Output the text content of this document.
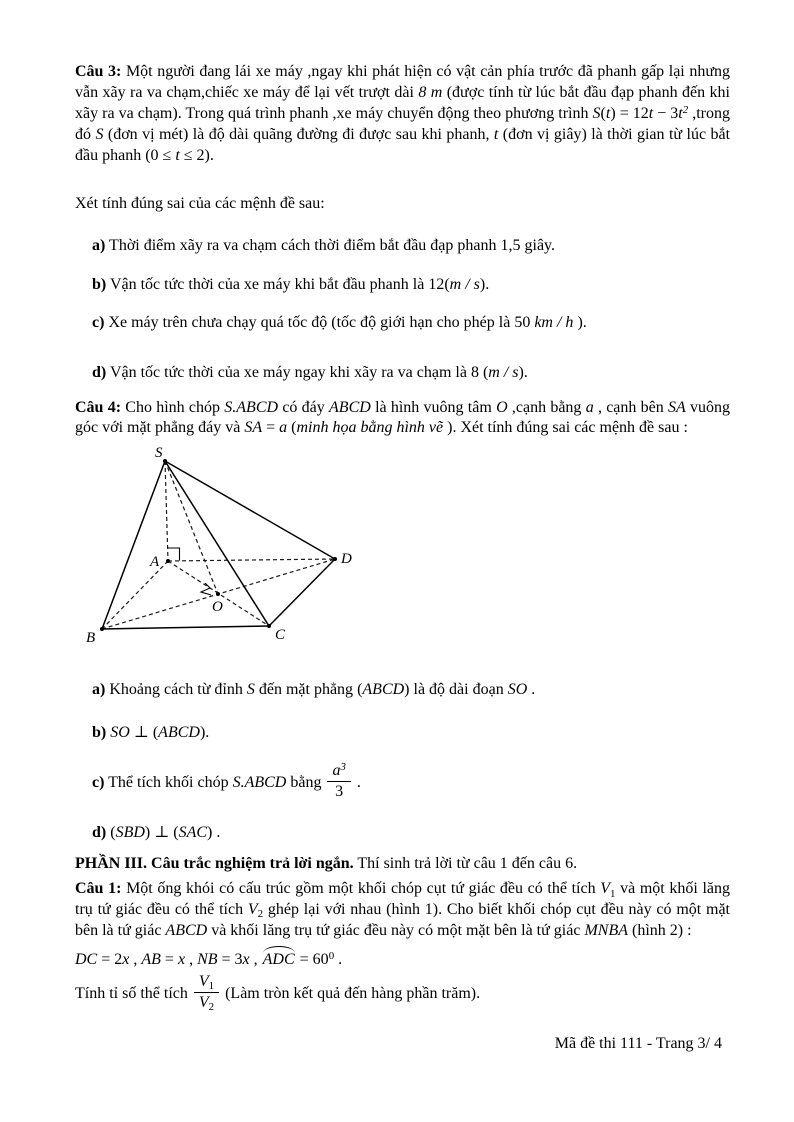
Câu 3: Một người đang lái xe máy ,ngay khi phát hiện có vật cản phía trước đã phanh gấp lại nhưng vẫn xãy ra va chạm,chiếc xe máy để lại vết trượt dài 8 m (được tính từ lúc bắt đầu đạp phanh đến khi xãy ra va chạm). Trong quá trình phanh ,xe máy chuyển động theo phương trình $S(t) = 12t - 3t^2$ ,trong đó S (đơn vị mét) là độ dài quãng đường đi được sau khi phanh, t (đơn vị giây) là thời gian từ lúc bắt đầu phanh (0 ≤ t ≤ 2).

Xét tính đúng sai của các mệnh đề sau:

a) Thời điểm xãy ra va chạm cách thời điểm bắt đầu đạp phanh 1,5 giây.

b) Vận tốc tức thời của xe máy khi bắt đầu phanh là 12(m / s).

c) Xe máy trên chưa chạy quá tốc độ (tốc độ giới hạn cho phép là 50 km / h ).

d) Vận tốc tức thời của xe máy ngay khi xãy ra va chạm là 8 (m / s).

Câu 4: Cho hình chóp S.ABCD có đáy ABCD là hình vuông tâm O ,cạnh bằng a , cạnh bên SA vuông góc với mặt phẳng đáy và SA = a (minh họa bằng hình vẽ ). Xét tính đúng sai các mệnh đề sau :

S
A
B	C
D
O

a) Khoảng cách từ đỉnh S đến mặt phẳng (ABCD) là độ dài đoạn SO .

b) SO ⊥ (ABCD).

c) Thể tích khối chóp S.ABCD bằng $\frac{a^3}{3}$ .

d) (SBD) ⊥ (SAC) .

PHẦN III. Câu trắc nghiệm trả lời ngắn. Thí sinh trả lời từ câu 1 đến câu 6.

Câu 1: Một ống khói có cấu trúc gồm một khối chóp cụt tứ giác đều có thể tích $V_1$ và một khối lăng trụ tứ giác đều có thể tích $V_2$ ghép lại với nhau (hình 1). Cho biết khối chóp cụt đều này có một mặt bên là tứ giác ABCD và khối lăng trụ tứ giác đều này có một mặt bên là tứ giác MNBA (hình 2) :

DC = 2x , AB = x , NB = 3x , ADC = $60^0$ .

Tính tỉ số thể tích $\frac{V_1}{V_2}$ (Làm tròn kết quả đến hàng phần trăm).

Mã đề thi 111 - Trang 3/ 4
